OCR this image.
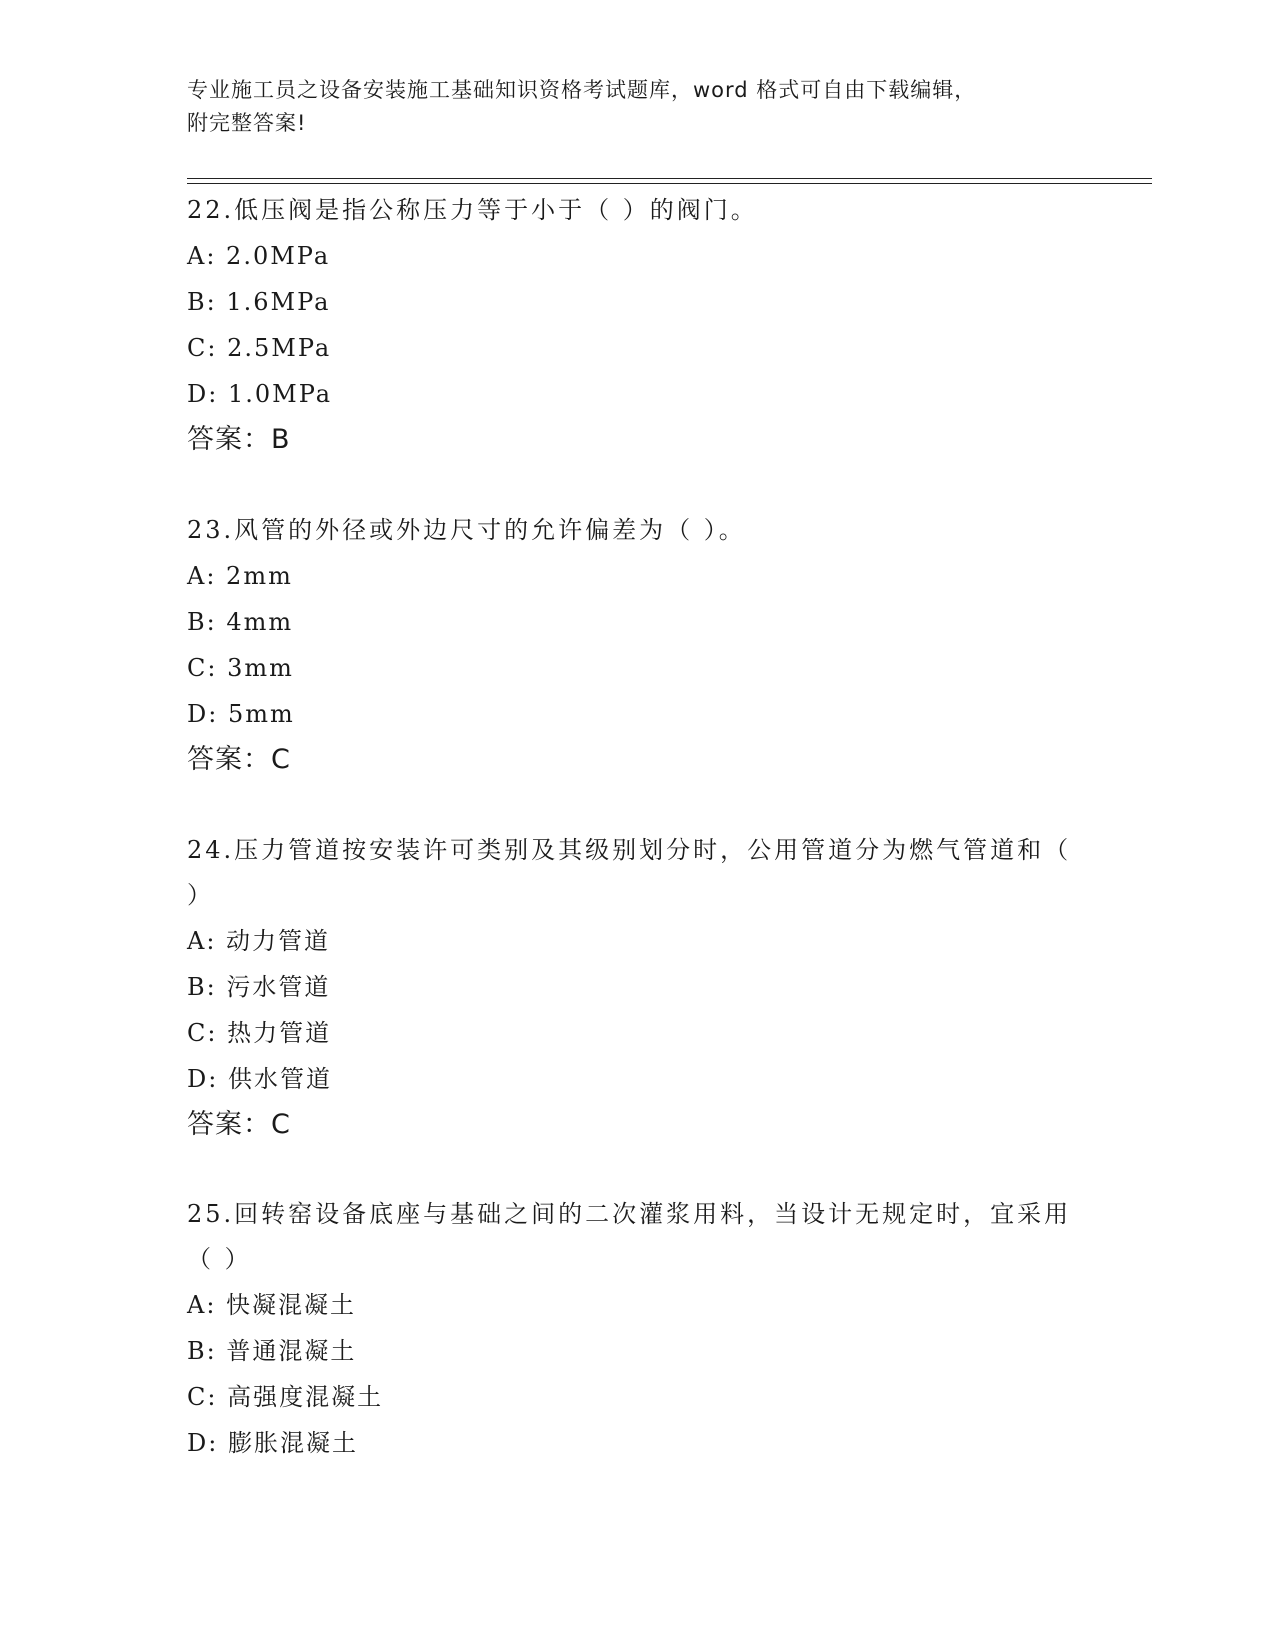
专业施工员之设备安装施工基础知识资格考试题库，word 格式可自由下载编辑，
附完整答案!

22.低压阀是指公称压力等于小于（ ）的阀门。

A: 2.0MPa

B: 1.6MPa

C: 2.5MPa

D: 1.0MPa

答案：B

23.风管的外径或外边尺寸的允许偏差为（ ）。

A: 2mm

B: 4mm

C: 3mm

D: 5mm

答案：C

24.压力管道按安装许可类别及其级别划分时，公用管道分为燃气管道和（ ）

A: 动力管道

B: 污水管道

C: 热力管道

D: 供水管道

答案：C

25.回转窑设备底座与基础之间的二次灌浆用料，当设计无规定时，宜采用（ ）

A: 快凝混凝土

B: 普通混凝土

C: 高强度混凝土

D: 膨胀混凝土
